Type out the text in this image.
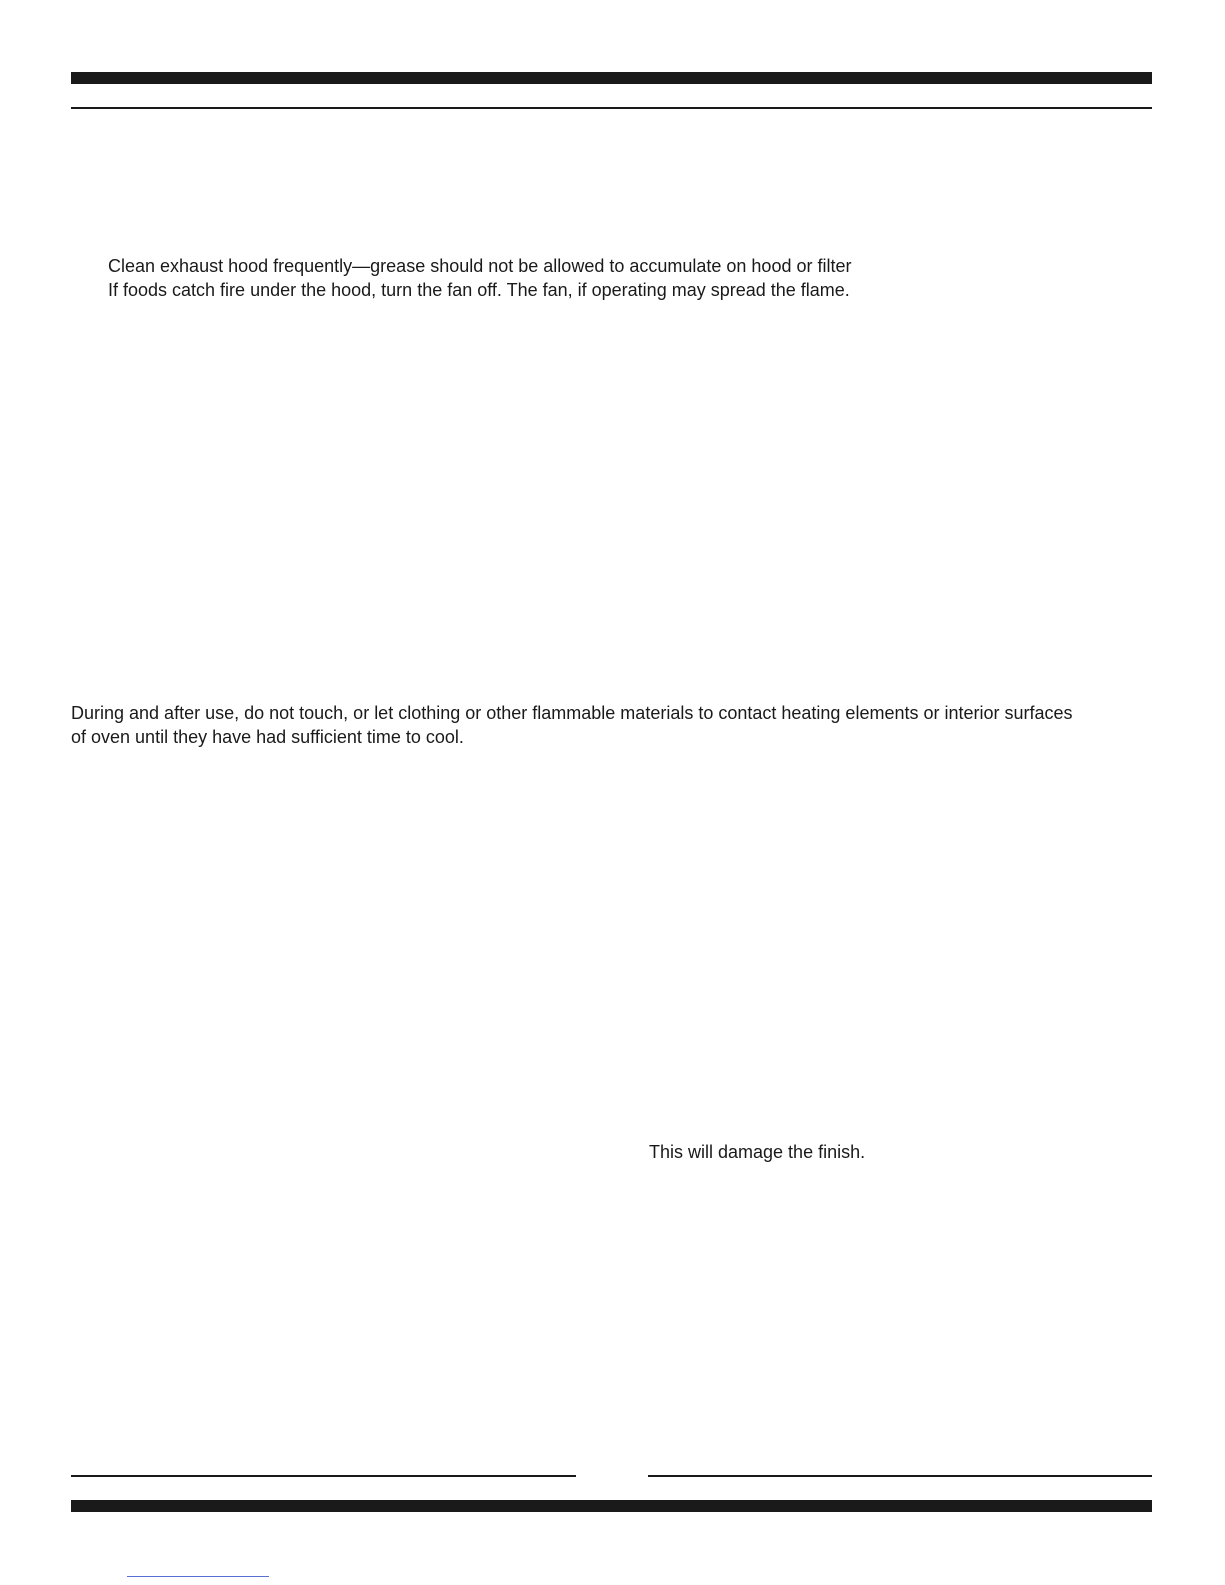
Clean exhaust hood frequently—grease should not be allowed to accumulate on hood or filter
If foods catch fire under the hood, turn the fan off. The fan, if operating may spread the flame.
During and after use, do not touch, or let clothing or other flammable materials to contact heating elements or interior surfaces
of oven until they have had sufficient time to cool.
This will damage the finish.
